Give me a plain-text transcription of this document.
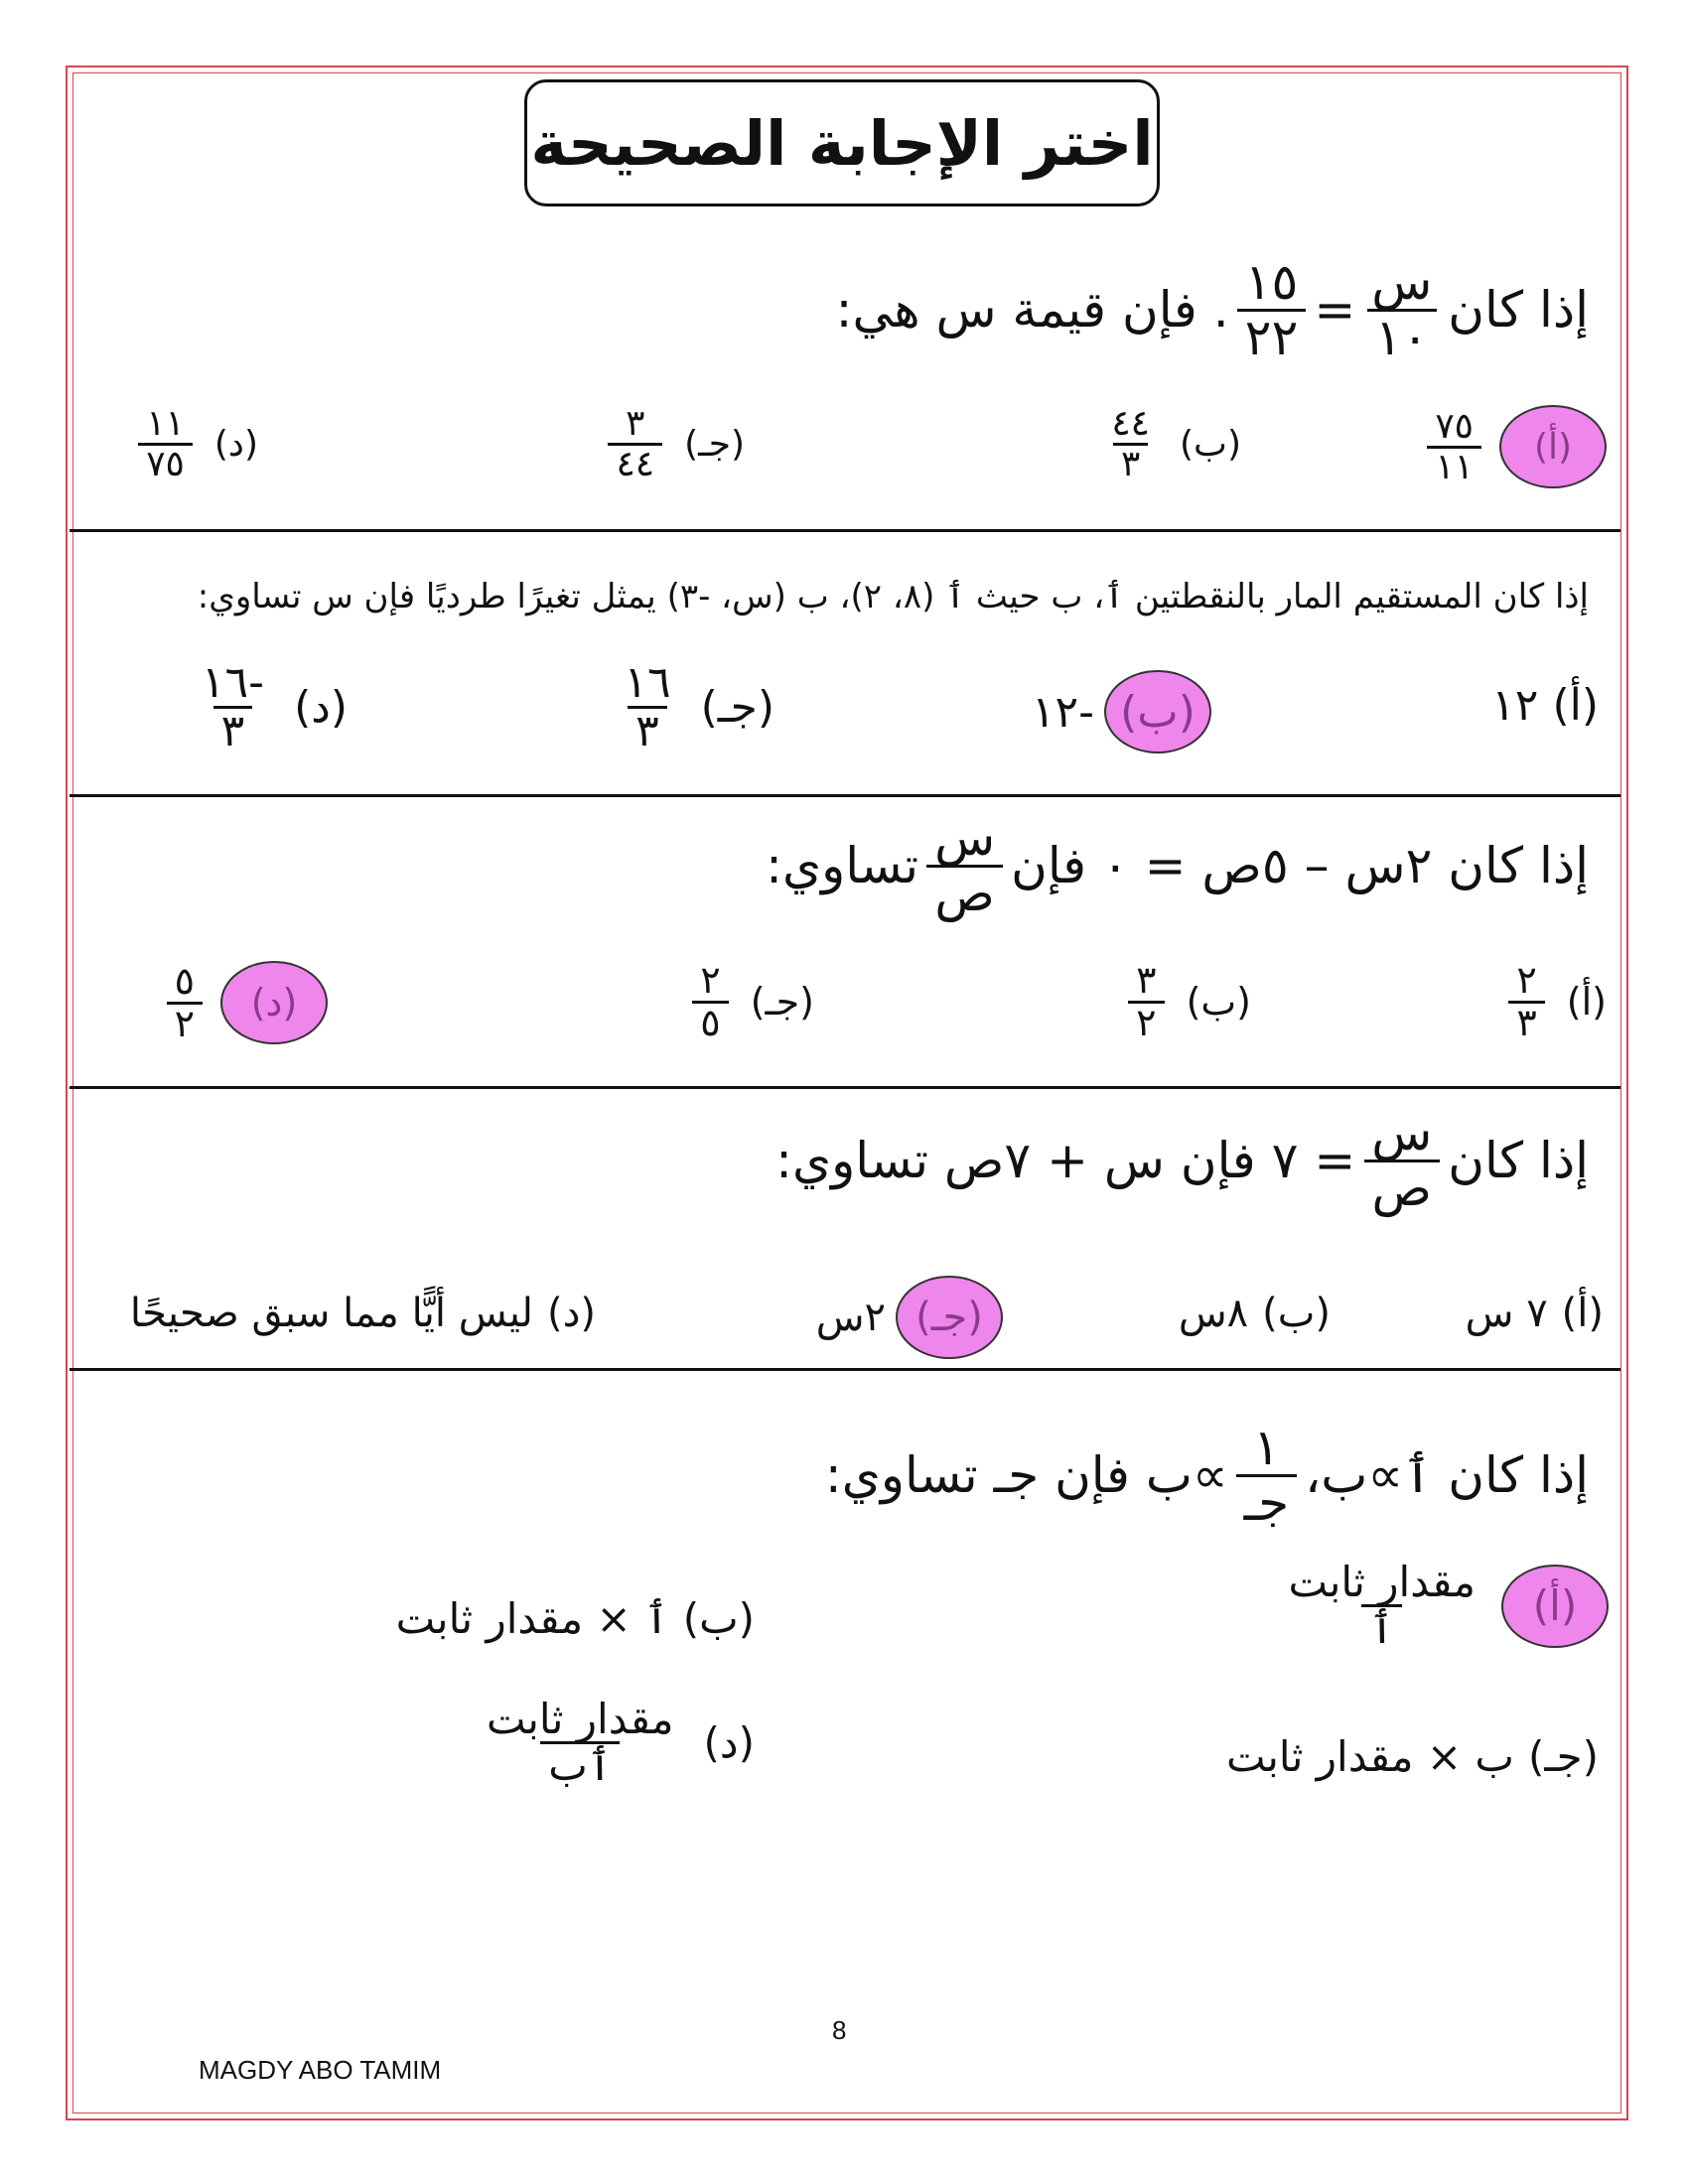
اختر الإجابة الصحيحة
إذا كان
$\frac{\text{س}}{١٠}$
=
$\frac{١٥}{٢٢}$
. فإن قيمة س هي:
(أ)
$\frac{٧٥}{١١}$
(ب)
$\frac{٤٤}{٣}$
(جـ)
$\frac{٣}{٤٤}$
(د)
$\frac{١١}{٧٥}$
إذا كان المستقيم المار بالنقطتين ٲ، ب حيث ٲ (٨، ٢)، ب (س، -٣) يمثل تغيرًا طرديًا فإن س تساوي:
(أ)
١٢
(ب)
-١٢
(جـ)
$\frac{١٦}{٣}$
(د)
$\frac{-١٦}{٣}$
إذا كان ٢س – ٥ص = ٠ فإن
$\frac{\text{س}}{\text{ص}}$
تساوي:
(أ)
$\frac{٢}{٣}$
(ب)
$\frac{٣}{٢}$
(جـ)
$\frac{٢}{٥}$
(د)
$\frac{٥}{٢}$
إذا كان
$\frac{\text{س}}{\text{ص}}$
= ٧ فإن س + ٧ص تساوي:
(أ)
٧ س
(ب)
٨س
(جـ)
٢س
(د)
ليس أيًّا مما سبق صحيحًا
إذا كان ٲ∝ب،
$\frac{١}{\text{جـ}}$
∝ب فإن جـ تساوي:
(أ)
$\frac{\text{مقدار ثابت}}{\text{ٲ}}$
(ب)
ٲ × مقدار ثابت
(جـ)
ب × مقدار ثابت
(د)
$\frac{\text{مقدار ثابت}}{\text{ٲب}}$
8
MAGDY ABO TAMIM
